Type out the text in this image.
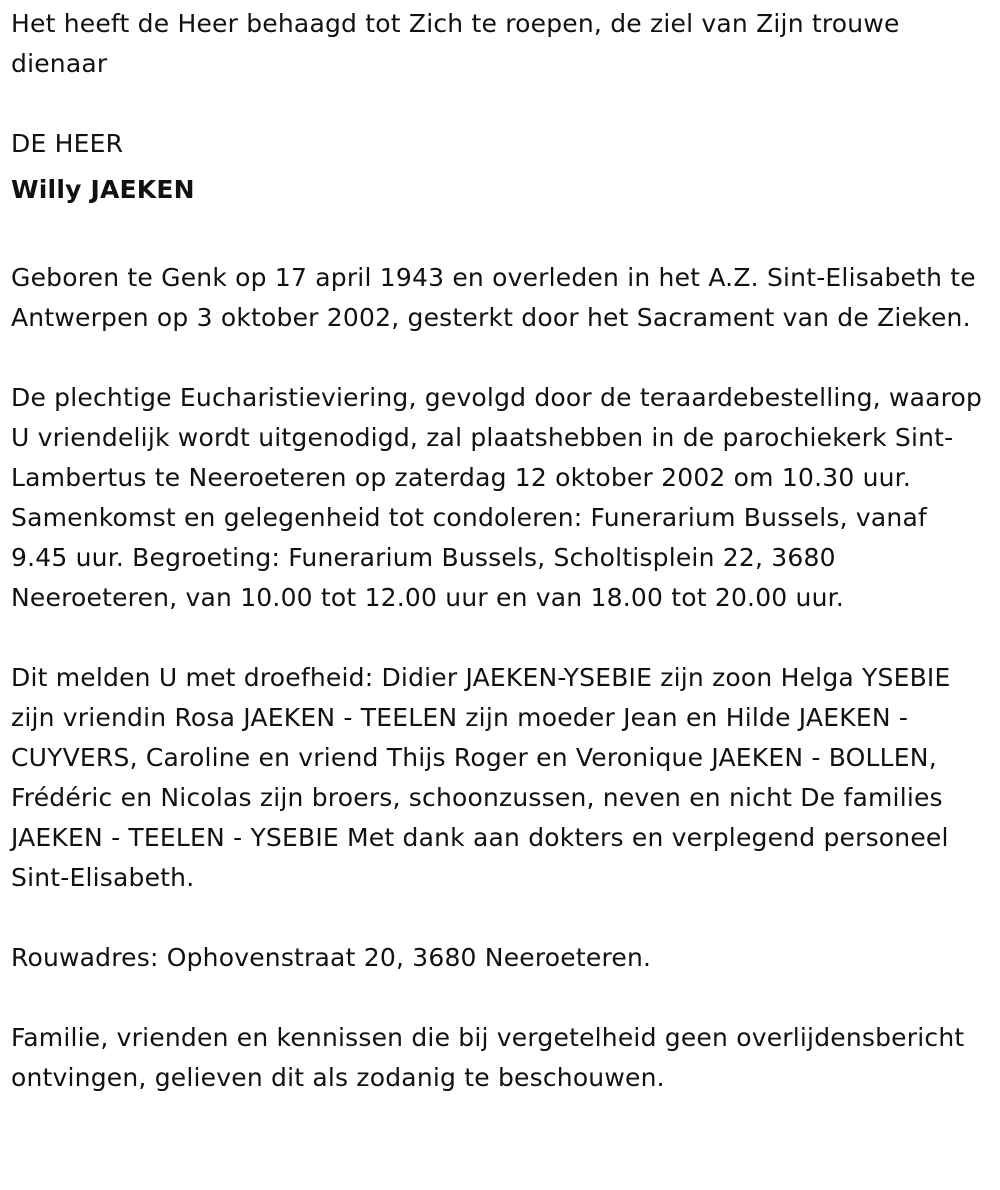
Het heeft de Heer behaagd tot Zich te roepen, de ziel van Zijn trouwe dienaar

DE HEER

Willy JAEKEN

Geboren te Genk op 17 april 1943 en overleden in het A.Z. Sint-Elisabeth te Antwerpen op 3 oktober 2002, gesterkt door het Sacrament van de Zieken.

De plechtige Eucharistieviering, gevolgd door de teraardebestelling, waarop U vriendelijk wordt uitgenodigd, zal plaatshebben in de parochiekerk Sint-Lambertus te Neeroeteren op zaterdag 12 oktober 2002 om 10.30 uur. Samenkomst en gelegenheid tot condoleren: Funerarium Bussels, vanaf 9.45 uur. Begroeting: Funerarium Bussels, Scholtisplein 22, 3680 Neeroeteren, van 10.00 tot 12.00 uur en van 18.00 tot 20.00 uur.

Dit melden U met droefheid: Didier JAEKEN-YSEBIE zijn zoon Helga YSEBIE zijn vriendin Rosa JAEKEN - TEELEN zijn moeder Jean en Hilde JAEKEN - CUYVERS, Caroline en vriend Thijs Roger en Veronique JAEKEN - BOLLEN, Frédéric en Nicolas zijn broers, schoonzussen, neven en nicht De families JAEKEN - TEELEN - YSEBIE Met dank aan dokters en verplegend personeel Sint-Elisabeth.

Rouwadres: Ophovenstraat 20, 3680 Neeroeteren.

Familie, vrienden en kennissen die bij vergetelheid geen overlijdensbericht ontvingen, gelieven dit als zodanig te beschouwen.
